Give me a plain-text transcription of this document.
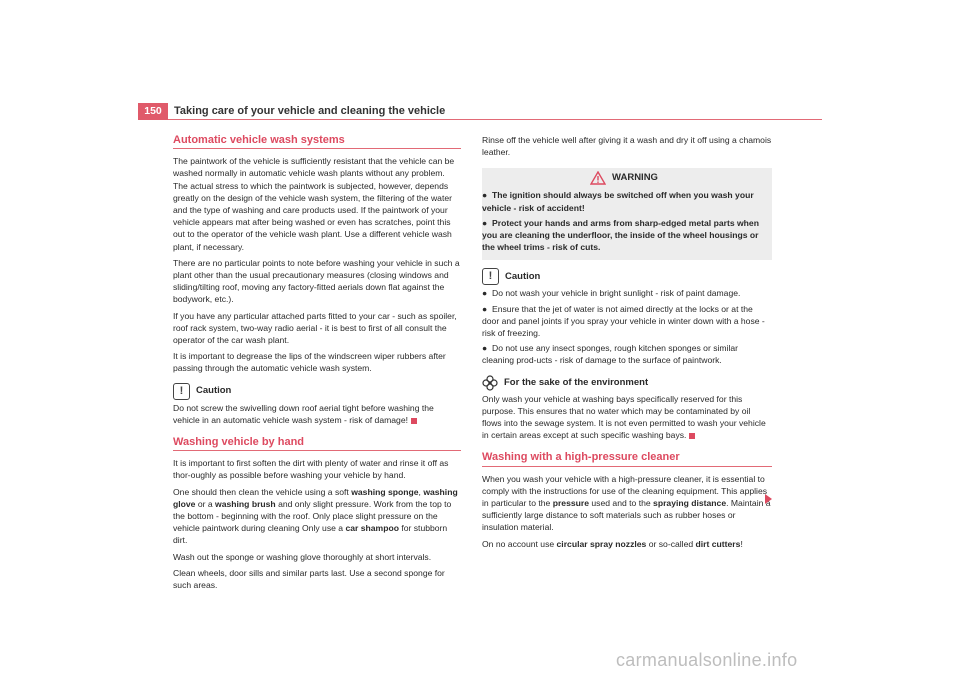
150	Taking care of your vehicle and cleaning the vehicle
Automatic vehicle wash systems

The paintwork of the vehicle is sufficiently resistant that the vehicle can be washed normally in automatic vehicle wash plants without any problem. The actual stress to which the paintwork is subjected, however, depends greatly on the design of the vehicle wash system, the filtering of the water and the type of washing and care products used. If the paintwork of your vehicle appears mat after being washed or even has scratches, point this out to the operator of the vehicle wash plant. Use a different vehicle wash plant, if necessary.

There are no particular points to note before washing your vehicle in such a plant other than the usual precautionary measures (closing windows and sliding/tilting roof, moving any factory-fitted aerials down flat against the bodywork, etc.).

If you have any particular attached parts fitted to your car - such as spoiler, roof rack system, two-way radio aerial - it is best to first of all consult the operator of the car wash plant.

It is important to degrease the lips of the windscreen wiper rubbers after passing through the automatic vehicle wash system.

!	Caution

Do not screw the swivelling down roof aerial tight before washing the vehicle in an automatic vehicle wash system - risk of damage!

Washing vehicle by hand

It is important to first soften the dirt with plenty of water and rinse it off as thor-oughly as possible before washing your vehicle by hand.

One should then clean the vehicle using a soft washing sponge, washing glove or a washing brush and only slight pressure. Work from the top to the bottom - beginning with the roof. Only place slight pressure on the vehicle paintwork during cleaning Only use a car shampoo for stubborn dirt.

Wash out the sponge or washing glove thoroughly at short intervals.

Clean wheels, door sills and similar parts last. Use a second sponge for such areas.

Rinse off the vehicle well after giving it a wash and dry it off using a chamois leather.

WARNING
● The ignition should always be switched off when you wash your vehicle - risk of accident!
● Protect your hands and arms from sharp-edged metal parts when you are cleaning the underfloor, the inside of the wheel housings or the wheel trims - risk of cuts.
!	Caution
● Do not wash your vehicle in bright sunlight - risk of paint damage.
● Ensure that the jet of water is not aimed directly at the locks or at the door and panel joints if you spray your vehicle in winter down with a hose - risk of freezing.
● Do not use any insect sponges, rough kitchen sponges or similar cleaning prod-ucts - risk of damage to the surface of paintwork.
For the sake of the environment

Only wash your vehicle at washing bays specifically reserved for this purpose. This ensures that no water which may be contaminated by oil flows into the sewage system. It is not even permitted to wash your vehicle in certain areas except at such specific washing bays.

Washing with a high-pressure cleaner

When you wash your vehicle with a high-pressure cleaner, it is essential to comply with the instructions for use of the cleaning equipment. This applies in particular to the pressure used and to the spraying distance. Maintain a sufficiently large distance to soft materials such as rubber hoses or insulation material.

On no account use circular spray nozzles or so-called dirt cutters!

carmanualsonline.info
